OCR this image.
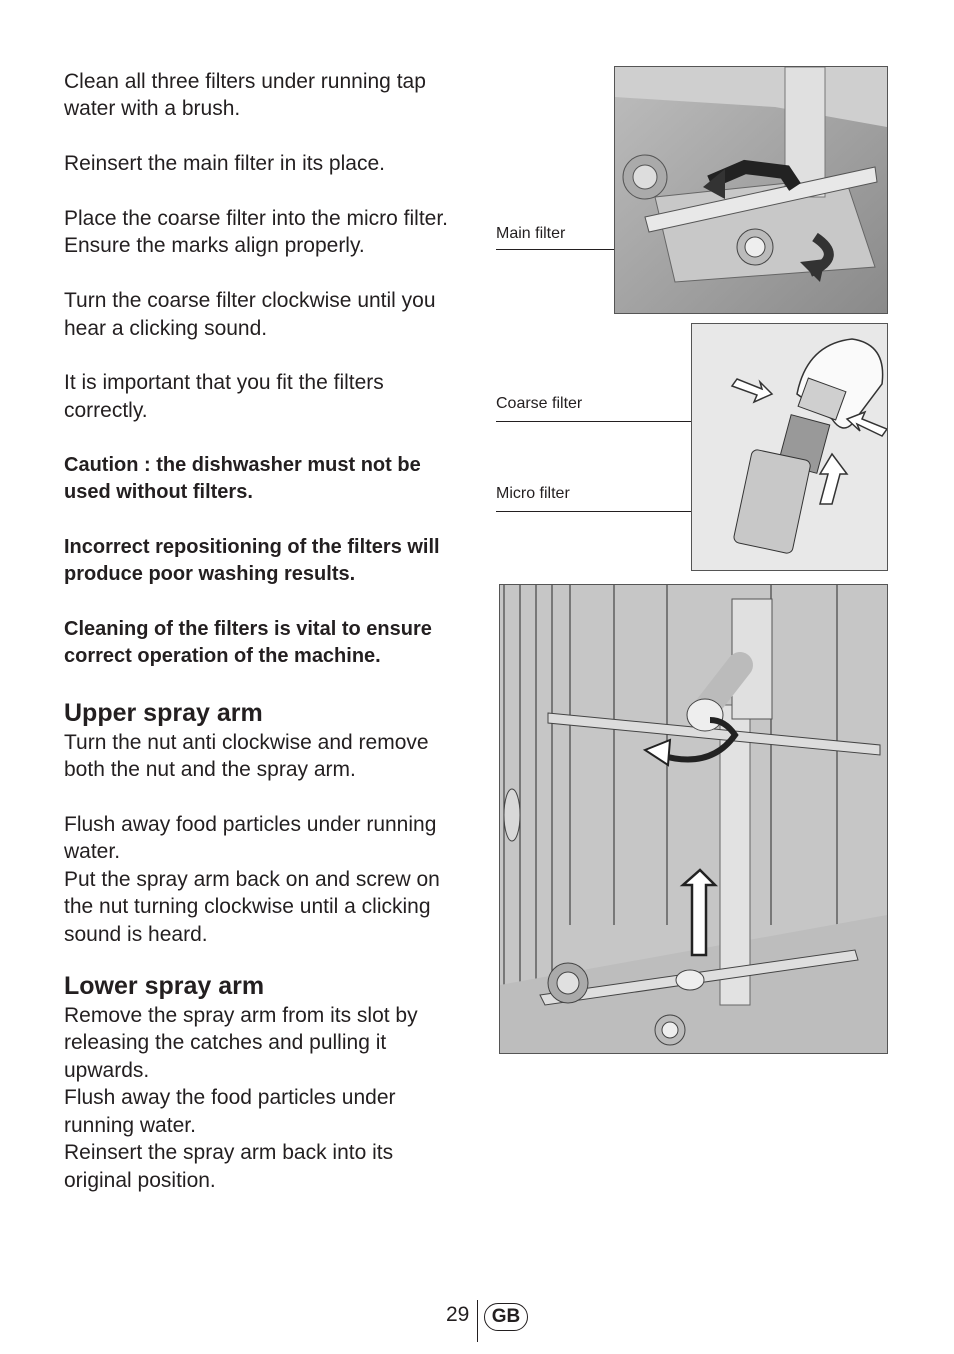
Clean all three filters under running tap water with a brush.

Reinsert the main filter in its place.

Place the coarse filter into the micro filter. Ensure the marks align properly.

Turn the coarse filter clockwise until you hear a clicking sound.

It is important that you fit the filters correctly.

Caution : the dishwasher must not be used without filters.

Incorrect repositioning of the filters will produce poor washing results.

Cleaning of the filters is vital to ensure correct operation of the machine.

Upper spray arm

Turn the nut anti clockwise and remove both the nut and the spray arm.

Flush away food particles under running water.

Put the spray arm back on and screw on the nut turning clockwise until a clicking sound is heard.

Lower spray arm

Remove the spray arm from its slot by releasing the catches and pulling it upwards.

Flush away the food particles under running water.

Reinsert the spray arm back into its original position.

Main filter
Coarse filter
Micro filter
29	GB
